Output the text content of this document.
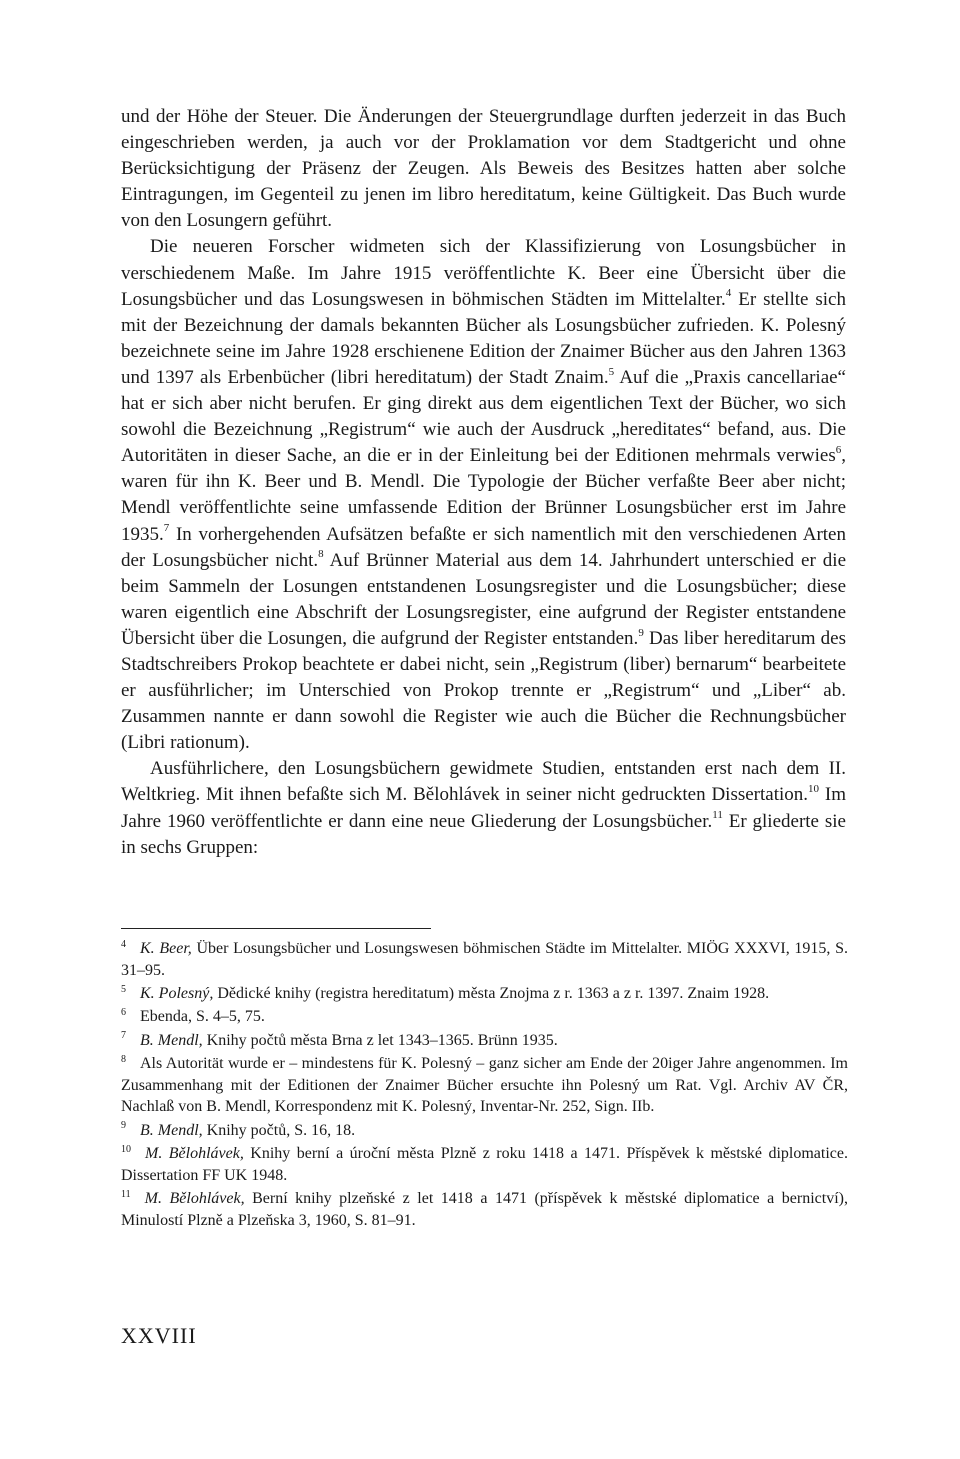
und der Höhe der Steuer. Die Änderungen der Steuergrundlage durften jederzeit in das Buch eingeschrieben werden, ja auch vor der Proklamation vor dem Stadtgericht und ohne Berücksichtigung der Präsenz der Zeugen. Als Beweis des Besitzes hatten aber solche Eintragungen, im Gegenteil zu jenen im libro hereditatum, keine Gültigkeit. Das Buch wurde von den Losungern geführt.

Die neueren Forscher widmeten sich der Klassifizierung von Losungsbücher in verschiedenem Maße. Im Jahre 1915 veröffentlichte K. Beer eine Übersicht über die Losungsbücher und das Losungswesen in böhmischen Städten im Mittelalter.$^4$ Er stellte sich mit der Bezeichnung der damals bekannten Bücher als Losungsbücher zufrieden. K. Polesný bezeichnete seine im Jahre 1928 erschienene Edition der Znaimer Bücher aus den Jahren 1363 und 1397 als Erbenbücher (libri hereditatum) der Stadt Znaim.$^5$ Auf die „Praxis cancellariae“ hat er sich aber nicht berufen. Er ging direkt aus dem eigentlichen Text der Bücher, wo sich sowohl die Bezeichnung „Registrum“ wie auch der Ausdruck „hereditates“ befand, aus. Die Autoritäten in dieser Sache, an die er in der Einleitung bei der Editionen mehrmals verwies$^6$, waren für ihn K. Beer und B. Mendl. Die Typologie der Bücher verfaßte Beer aber nicht; Mendl veröffentlichte seine umfassende Edition der Brünner Losungsbücher erst im Jahre 1935.$^7$ In vorhergehenden Aufsätzen befaßte er sich namentlich mit den verschiedenen Arten der Losungsbücher nicht.$^8$ Auf Brünner Material aus dem 14. Jahrhundert unterschied er die beim Sammeln der Losungen entstandenen Losungsregister und die Losungsbücher; diese waren eigentlich eine Abschrift der Losungsregister, eine aufgrund der Register entstandene Übersicht über die Losungen, die aufgrund der Register entstanden.$^9$ Das liber hereditarum des Stadtschreibers Prokop beachtete er dabei nicht, sein „Registrum (liber) bernarum“ bearbeitete er ausführlicher; im Unterschied von Prokop trennte er „Registrum“ und „Liber“ ab. Zusammen nannte er dann sowohl die Register wie auch die Bücher die Rechnungsbücher (Libri rationum).

Ausführlichere, den Losungsbüchern gewidmete Studien, entstanden erst nach dem II. Weltkrieg. Mit ihnen befaßte sich M. Bělohlávek in seiner nicht gedruckten Dissertation.$^{10}$ Im Jahre 1960 veröffentlichte er dann eine neue Gliederung der Losungsbücher.$^{11}$ Er gliederte sie in sechs Gruppen:

$^4$ K. Beer, Über Losungsbücher und Losungswesen böhmischen Städte im Mittelalter. MIÖG XXXVI, 1915, S. 31–95.

$^5$ K. Polesný, Dědické knihy (registra hereditatum) města Znojma z r. 1363 a z r. 1397. Znaim 1928.

$^6$ Ebenda, S. 4–5, 75.

$^7$ B. Mendl, Knihy počtů města Brna z let 1343–1365. Brünn 1935.

$^8$ Als Autorität wurde er – mindestens für K. Polesný – ganz sicher am Ende der 20iger Jahre angenommen. Im Zusammenhang mit der Editionen der Znaimer Bücher ersuchte ihn Polesný um Rat. Vgl. Archiv AV ČR, Nachlaß von B. Mendl, Korrespondenz mit K. Polesný, Inventar-Nr. 252, Sign. IIb.

$^9$ B. Mendl, Knihy počtů, S. 16, 18.

$^{10}$ M. Bělohlávek, Knihy berní a úroční města Plzně z roku 1418 a 1471. Příspěvek k městské diplomatice. Dissertation FF UK 1948.

$^{11}$ M. Bělohlávek, Berní knihy plzeňské z let 1418 a 1471 (příspěvek k městské diplomatice a bernictví), Minulostí Plzně a Plzeňska 3, 1960, S. 81–91.

XXVIII
